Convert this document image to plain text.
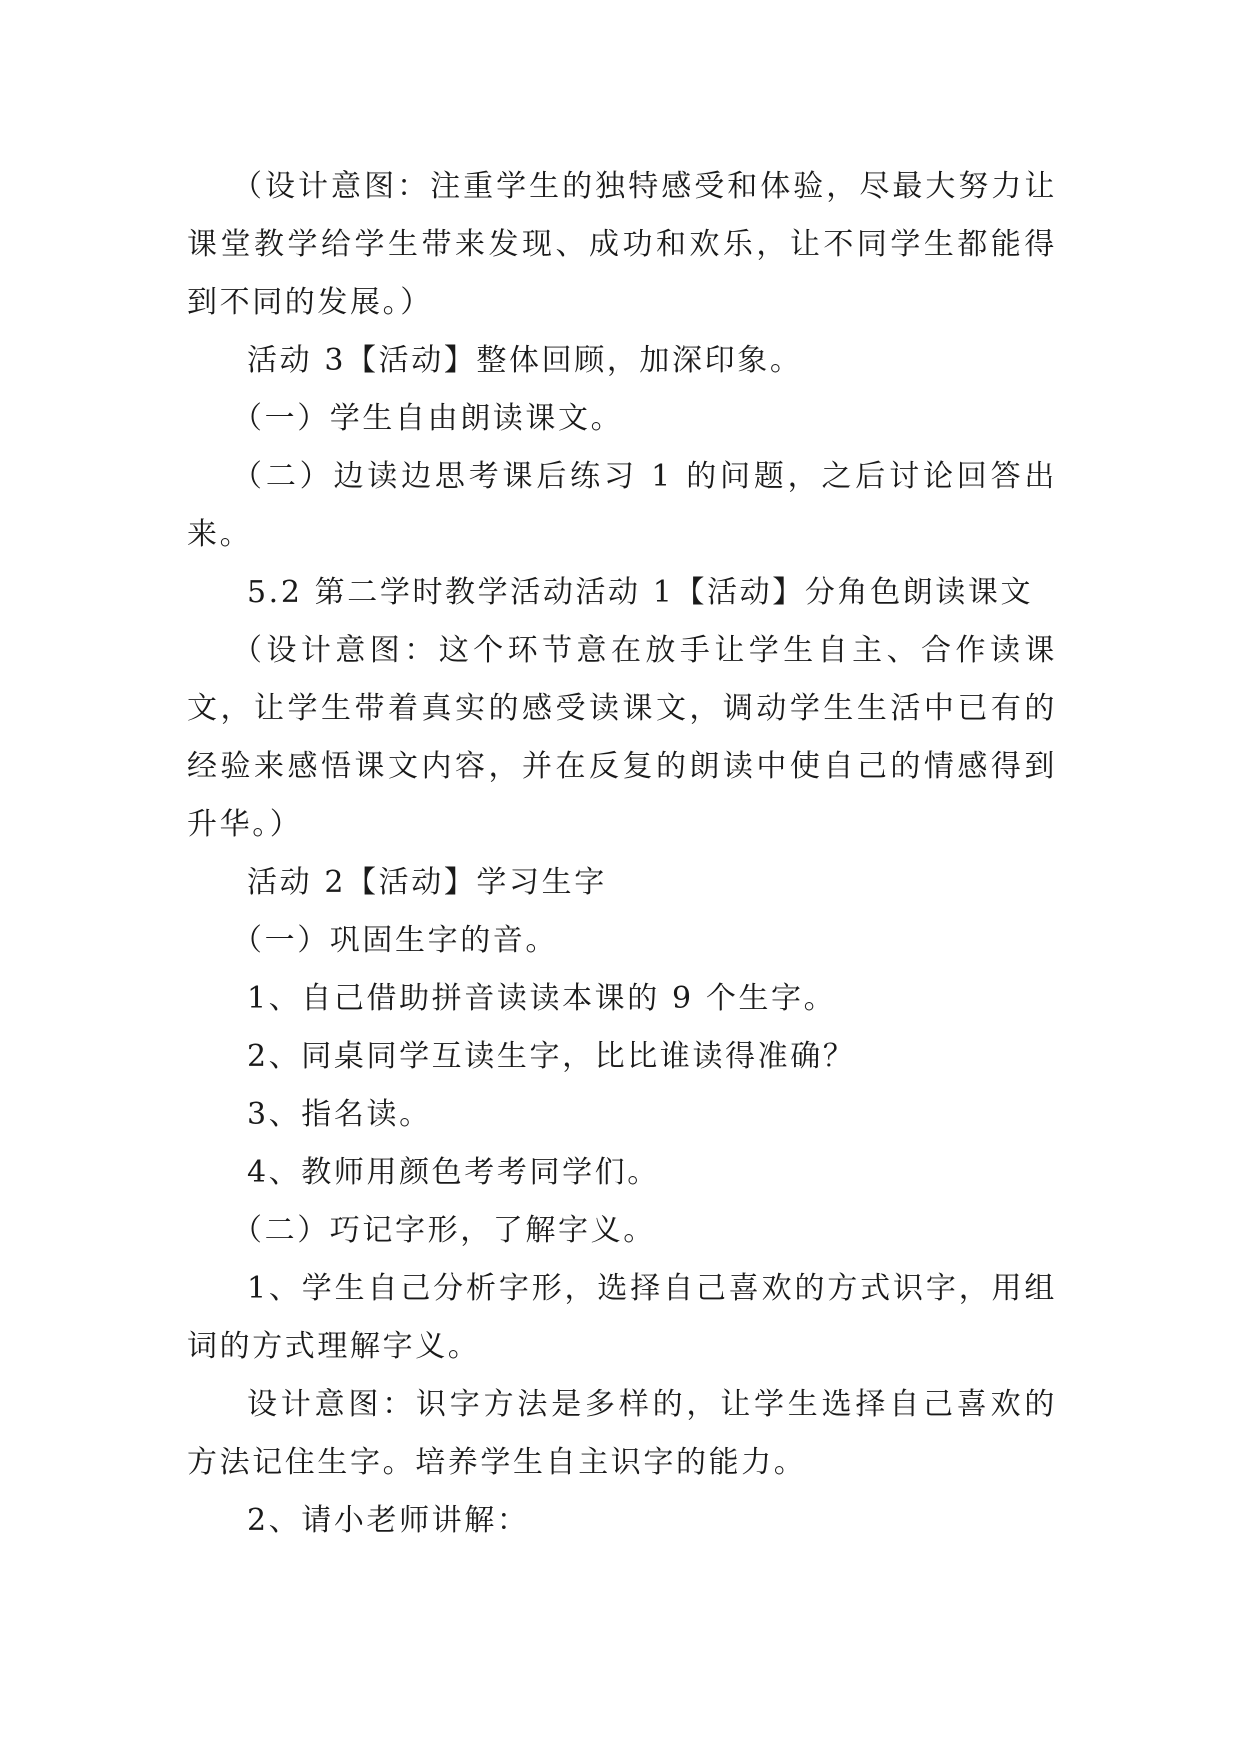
（设计意图：注重学生的独特感受和体验，尽最大努力让课堂教学给学生带来发现、成功和欢乐，让不同学生都能得到不同的发展。）

活动 3【活动】整体回顾，加深印象。

（一）学生自由朗读课文。

（二）边读边思考课后练习 1 的问题，之后讨论回答出来。

5.2 第二学时教学活动活动 1【活动】分角色朗读课文

（设计意图：这个环节意在放手让学生自主、合作读课文，让学生带着真实的感受读课文，调动学生生活中已有的经验来感悟课文内容，并在反复的朗读中使自己的情感得到升华。）

活动 2【活动】学习生字

（一）巩固生字的音。

1、自己借助拼音读读本课的 9 个生字。

2、同桌同学互读生字，比比谁读得准确？

3、指名读。

4、教师用颜色考考同学们。

（二）巧记字形，了解字义。

1、学生自己分析字形，选择自己喜欢的方式识字，用组词的方式理解字义。

设计意图：识字方法是多样的，让学生选择自己喜欢的方法记住生字。培养学生自主识字的能力。

2、请小老师讲解：
